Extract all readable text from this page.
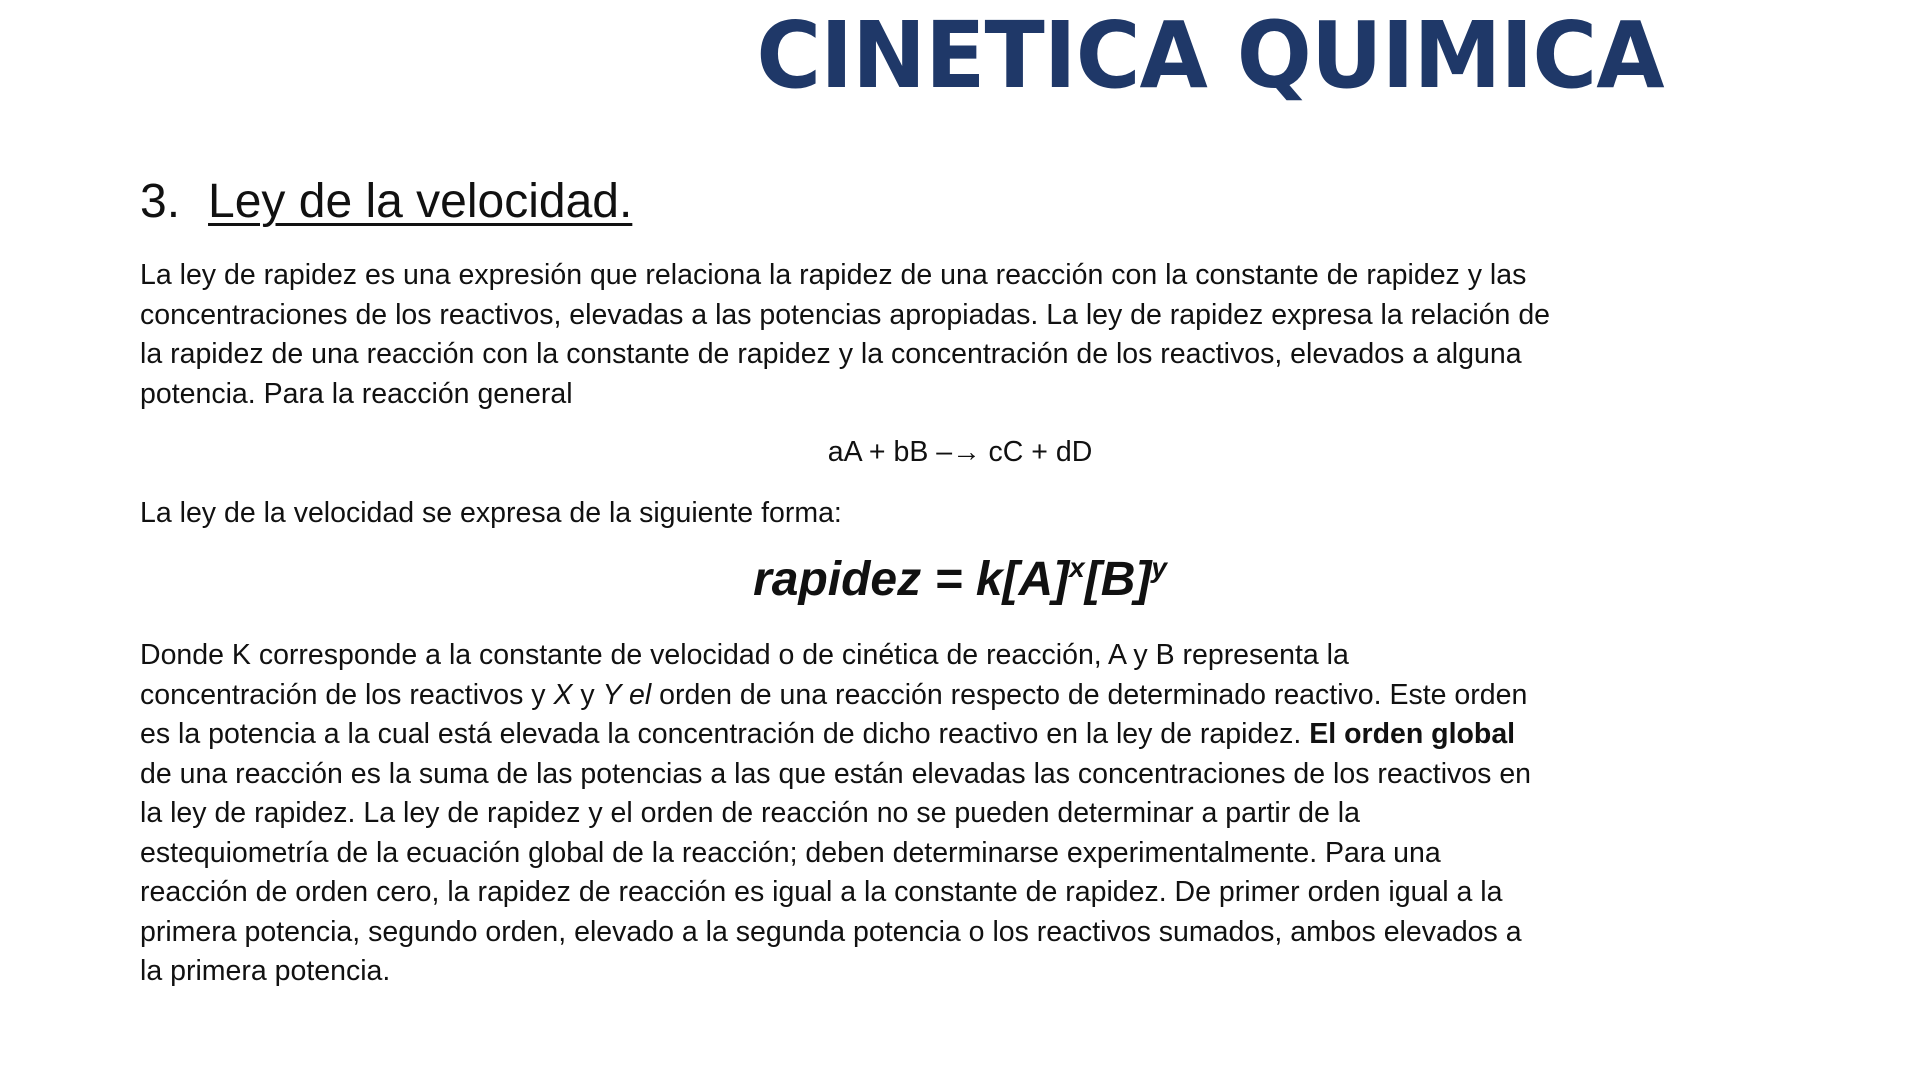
CINETICA QUIMICA
3. Ley de la velocidad.
La ley de rapidez es una expresión que relaciona la rapidez de una reacción con la constante de rapidez y las
concentraciones de los reactivos, elevadas a las potencias apropiadas. La ley de rapidez expresa la relación de
la rapidez de una reacción con la constante de rapidez y la concentración de los reactivos, elevados a alguna
potencia. Para la reacción general
aA + bB –→ cC + dD
La ley de la velocidad se expresa de la siguiente forma:
rapidez = $k[A]^x[B]^y$
Donde K corresponde a la constante de velocidad o de cinética de reacción, A y B representa la
concentración de los reactivos y X y Y el orden de una reacción respecto de determinado reactivo. Este orden
es la potencia a la cual está elevada la concentración de dicho reactivo en la ley de rapidez. El orden global
de una reacción es la suma de las potencias a las que están elevadas las concentraciones de los reactivos en
la ley de rapidez. La ley de rapidez y el orden de reacción no se pueden determinar a partir de la
estequiometría de la ecuación global de la reacción; deben determinarse experimentalmente. Para una
reacción de orden cero, la rapidez de reacción es igual a la constante de rapidez. De primer orden igual a la
primera potencia, segundo orden, elevado a la segunda potencia o los reactivos sumados, ambos elevados a
la primera potencia.
